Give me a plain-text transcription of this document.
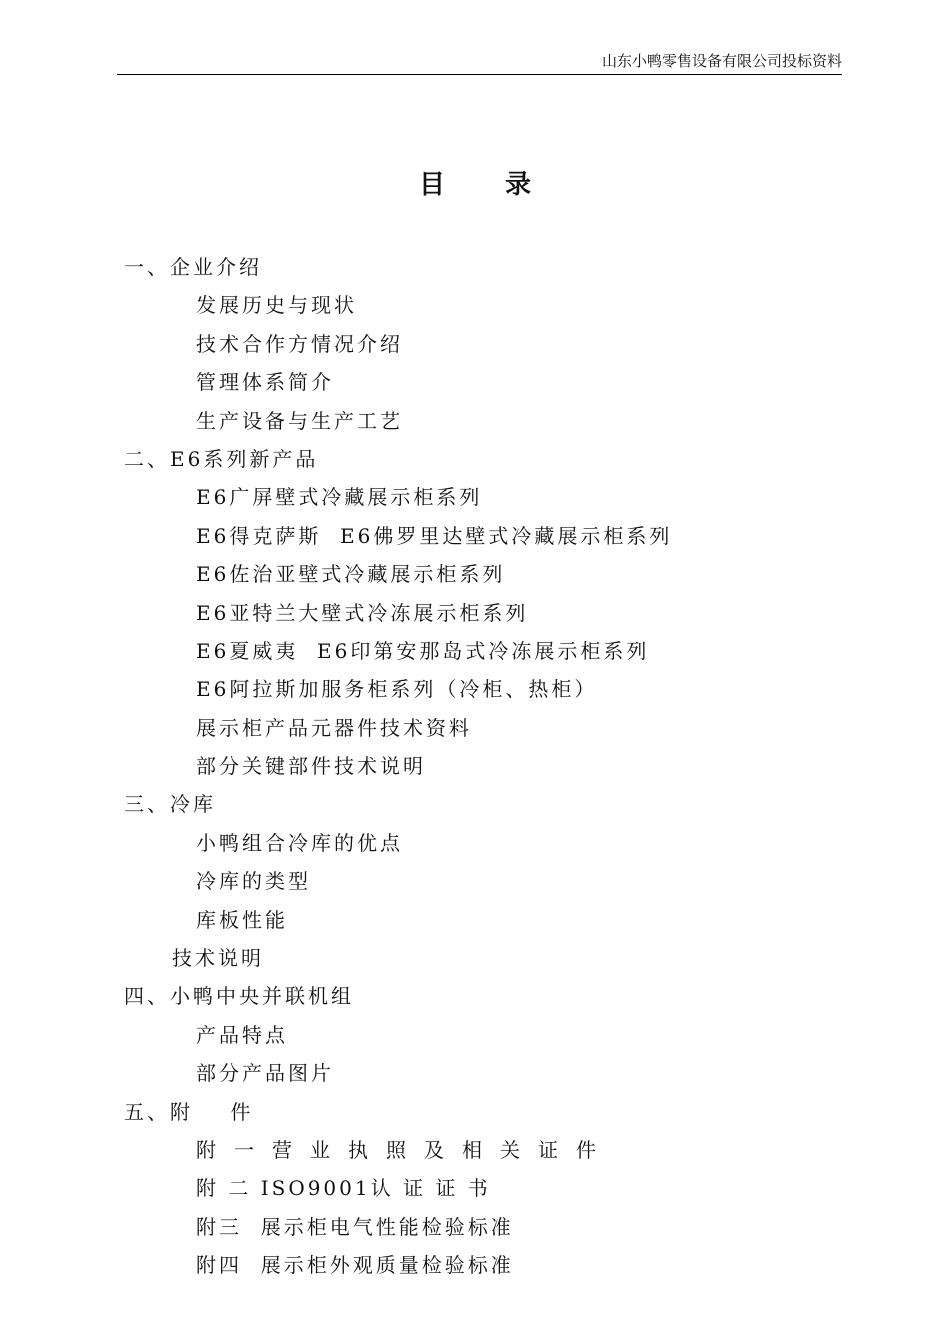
山东小鸭零售设备有限公司投标资料
目录
一、企业介绍
发展历史与现状
技术合作方情况介绍
管理体系简介
生产设备与生产工艺
二、E6系列新产品
E6广屏壁式冷藏展示柜系列
E6得克萨斯  E6佛罗里达壁式冷藏展示柜系列
E6佐治亚壁式冷藏展示柜系列
E6亚特兰大壁式冷冻展示柜系列
E6夏威夷  E6印第安那岛式冷冻展示柜系列
E6阿拉斯加服务柜系列（冷柜、热柜）
展示柜产品元器件技术资料
部分关键部件技术说明
三、冷库
小鸭组合冷库的优点
冷库的类型
库板性能
技术说明
四、小鸭中央并联机组
产品特点
部分产品图片
五、附    件
附一营业执照及相关证件
附 二 ISO9001认 证 证 书
附三  展示柜电气性能检验标准
附四  展示柜外观质量检验标准
